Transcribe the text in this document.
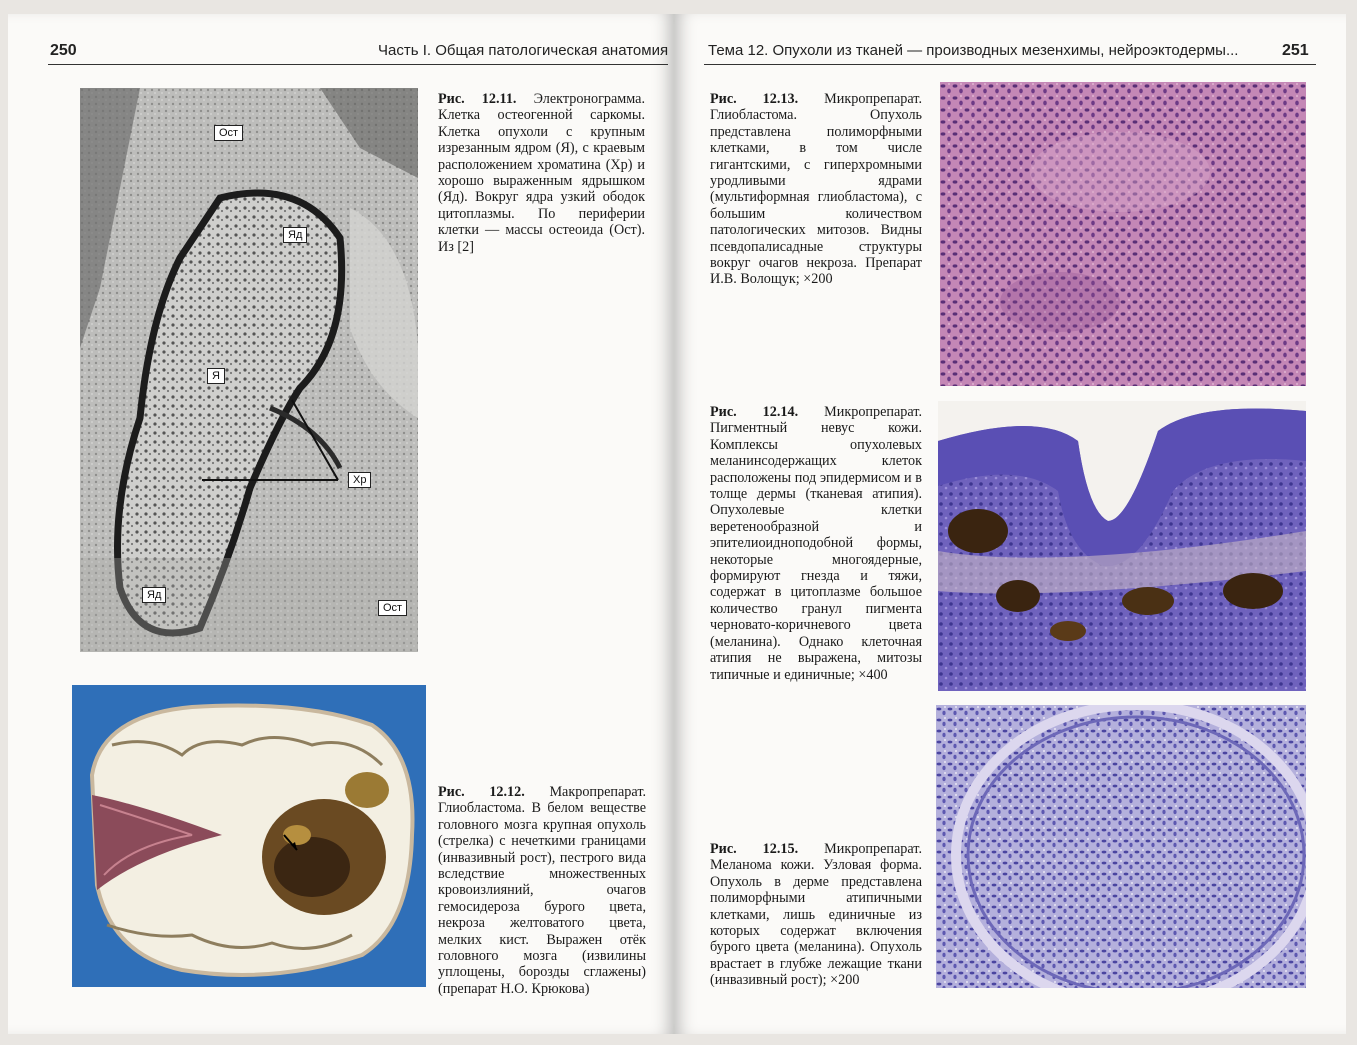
250	Часть I. Общая патологическая анатомия
Ост
Яд
Я
Хр
Яд
Ост
Рис. 12.11. Электронограмма. Клетка остеогенной саркомы. Клетка опухоли с крупным изрезанным ядром (Я), с краевым расположением хроматина (Хр) и хорошо выраженным ядрышком (Яд). Вокруг ядра узкий ободок цитоплазмы. По периферии клетки — массы остеоида (Ост). Из [2]
Рис. 12.12. Макропрепарат. Глиобластома. В белом веществе головного мозга крупная опухоль (стрелка) с нечеткими границами (инвазивный рост), пестрого вида вследствие множественных кровоизлияний, очагов гемосидероза бурого цвета, некроза желтоватого цвета, мелких кист. Выражен отёк головного мозга (извилины уплощены, борозды сглажены) (препарат Н.О. Крюкова)
Тема 12. Опухоли из тканей — производных мезенхимы, нейроэктодермы...	251
Рис. 12.13. Микропрепарат. Глиобластома. Опухоль представлена полиморфными клетками, в том числе гигантскими, с гиперхромными уродливыми ядрами (мультиформная глиобластома), с большим количеством патологических митозов. Видны псевдопалисадные структуры вокруг очагов некроза. Препарат И.В. Волощук; ×200
Рис. 12.14. Микропрепарат. Пигментный невус кожи. Комплексы опухолевых меланинсодержащих клеток расположены под эпидермисом и в толще дермы (тканевая атипия). Опухолевые клетки веретенообразной и эпителиоидноподобной формы, некоторые многоядерные, формируют гнезда и тяжи, содержат в цитоплазме большое количество гранул пигмента черновато-коричневого цвета (меланина). Однако клеточная атипия не выражена, митозы типичные и единичные; ×400
Рис. 12.15. Микропрепарат. Меланома кожи. Узловая форма. Опухоль в дерме представлена полиморфными атипичными клетками, лишь единичные из которых содержат включения бурого цвета (меланина). Опухоль врастает в глубже лежащие ткани (инвазивный рост); ×200
